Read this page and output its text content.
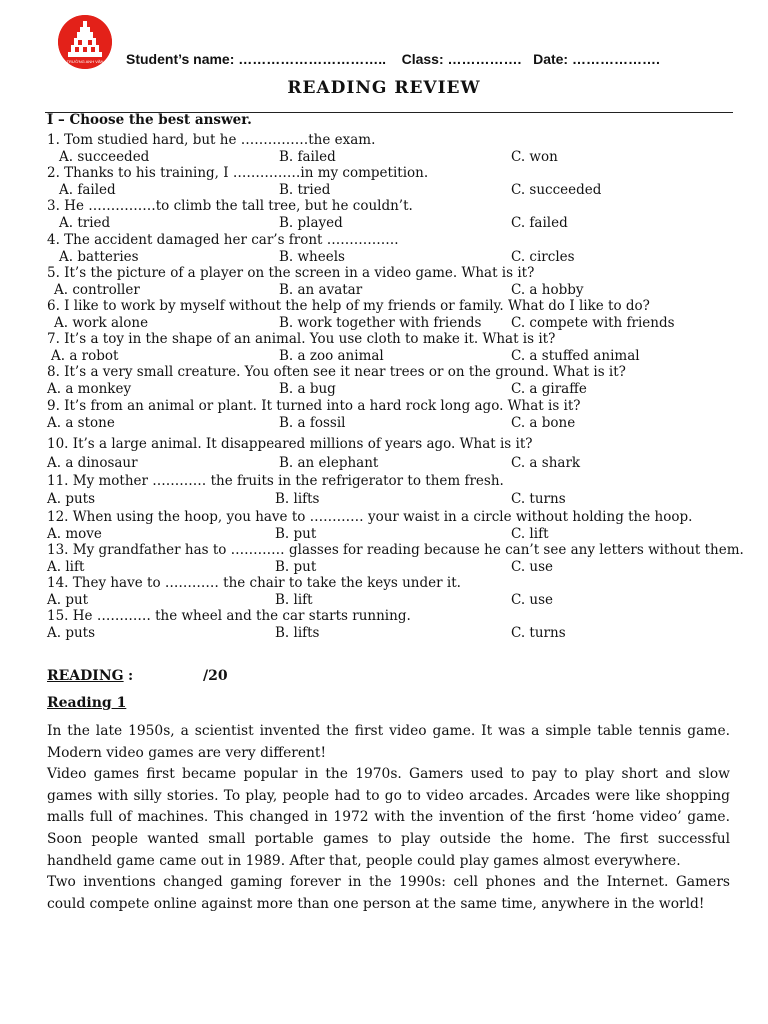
TRƯỜNG ANH VĂN Student’s name: …………………………..    Class: …………….   Date: ……………….
READING REVIEW
I – Choose the best answer.
1. Tom studied hard, but he ……………the exam.
A. succeeded	B. failed	C. won
2. Thanks to his training, I ……………in my competition.
A. failed	B. tried	C. succeeded
3. He ……………to climb the tall tree, but he couldn’t.
A. tried	B. played	C. failed
4. The accident damaged her car’s front …………….
A. batteries	B. wheels	C. circles
5. It’s the picture of a player on the screen in a video game. What is it?
A. controller	B. an avatar	C. a hobby
6. I like to work by myself without the help of my friends or family. What do I like to do?
A. work alone	B. work together with friends C. compete with friends
7. It’s a toy in the shape of an animal. You use cloth to make it. What is it?
A. a robot	B. a zoo animal	C. a stuffed animal
8. It’s a very small creature. You often see it near trees or on the ground. What is it?
A. a monkey	B. a bug	C. a giraffe
9. It’s from an animal or plant. It turned into a hard rock long ago. What is it?
A. a stone	B. a fossil	C. a bone
10. It’s a large animal. It disappeared millions of years ago. What is it?
A. a dinosaur	B. an elephant	C. a shark
11. My mother ………… the fruits in the refrigerator to them fresh.
A. puts	B. lifts	C. turns
12. When using the hoop, you have to ………… your waist in a circle without holding the hoop.
A. move	B. put	C. lift
13. My grandfather has to ………… glasses for reading because he can’t see any letters without them.
A. lift	B. put	C. use
14. They have to ………… the chair to take the keys under it.
A. put	B. lift	C. use
15. He ………… the wheel and the car starts running.
A. puts	B. lifts	C. turns
READING :	/20
Reading 1

In the late 1950s, a scientist invented the first video game. It was a simple table tennis game. Modern video games are very different!

Video games first became popular in the 1970s. Gamers used to pay to play short and slow games with silly stories. To play, people had to go to video arcades. Arcades were like shopping malls full of machines. This changed in 1972 with the invention of the first ‘home video’ game. Soon people wanted small portable games to play outside the home. The first successful handheld game came out in 1989. After that, people could play games almost everywhere.

Two inventions changed gaming forever in the 1990s: cell phones and the Internet. Gamers could compete online against more than one person at the same time, anywhere in the world!
